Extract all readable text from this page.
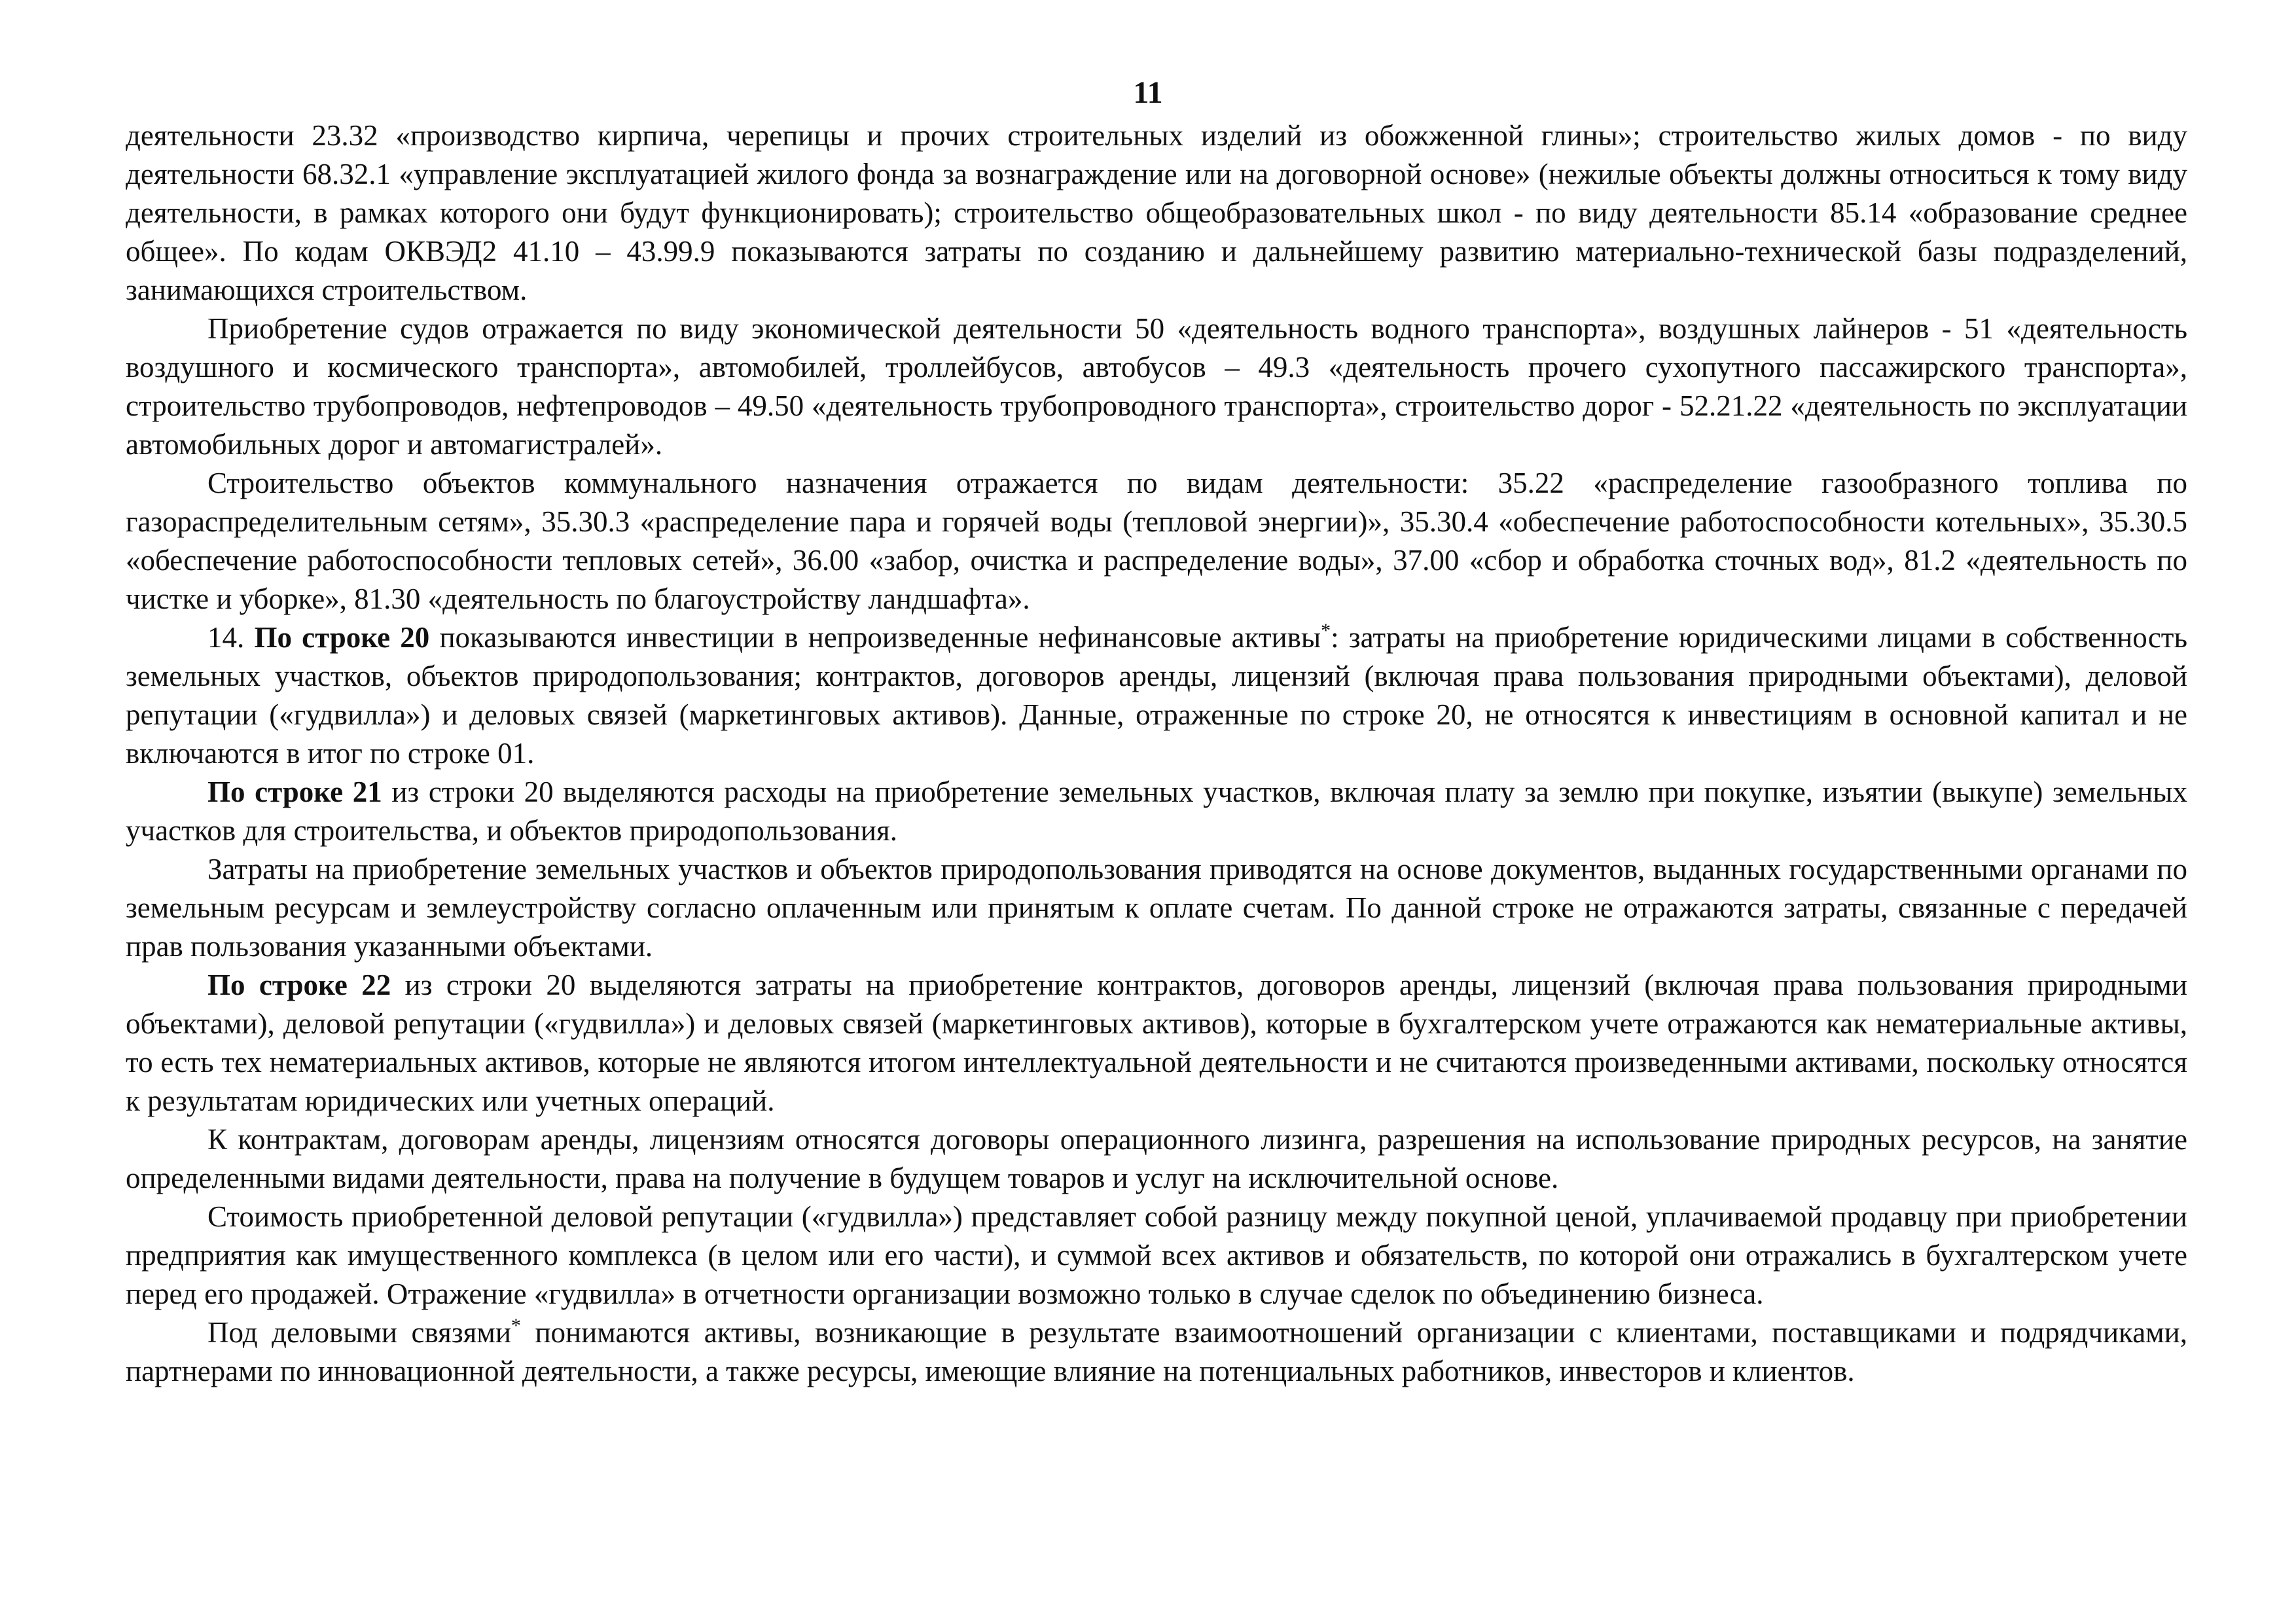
11

деятельности 23.32 «производство кирпича, черепицы и прочих строительных изделий из обожженной глины»; строительство жилых домов - по виду деятельности 68.32.1 «управление эксплуатацией жилого фонда за вознаграждение или на договорной основе» (нежилые объекты должны относиться к тому виду деятельности, в рамках которого они будут функционировать); строительство общеобразовательных школ - по виду деятельности 85.14 «образование среднее общее». По кодам ОКВЭД2 41.10 – 43.99.9 показываются затраты по созданию и дальнейшему развитию материально-технической базы подразделений, занимающихся строительством.

Приобретение судов отражается по виду экономической деятельности 50 «деятельность водного транспорта», воздушных лайнеров - 51 «деятельность воздушного и космического транспорта», автомобилей, троллейбусов, автобусов – 49.3 «деятельность прочего сухопутного пассажирского транспорта», строительство трубопроводов, нефтепроводов – 49.50 «деятельность трубопроводного транспорта», строительство дорог - 52.21.22 «деятельность по эксплуатации автомобильных дорог и автомагистралей».

Строительство объектов коммунального назначения отражается по видам деятельности: 35.22 «распределение газообразного топлива по газораспределительным сетям», 35.30.3 «распределение пара и горячей воды (тепловой энергии)», 35.30.4 «обеспечение работоспособности котельных», 35.30.5 «обеспечение работоспособности тепловых сетей», 36.00 «забор, очистка и распределение воды», 37.00 «сбор и обработка сточных вод», 81.2 «деятельность по чистке и уборке», 81.30 «деятельность по благоустройству ландшафта».

14. По строке 20 показываются инвестиции в непроизведенные нефинансовые активы*: затраты на приобретение юридическими лицами в собственность земельных участков, объектов природопользования; контрактов, договоров аренды, лицензий (включая права пользования природными объектами), деловой репутации («гудвилла») и деловых связей (маркетинговых активов). Данные, отраженные по строке 20, не относятся к инвестициям в основной капитал и не включаются в итог по строке 01.

По строке 21 из строки 20 выделяются расходы на приобретение земельных участков, включая плату за землю при покупке, изъятии (выкупе) земельных участков для строительства, и объектов природопользования.

Затраты на приобретение земельных участков и объектов природопользования приводятся на основе документов, выданных государственными органами по земельным ресурсам и землеустройству согласно оплаченным или принятым к оплате счетам. По данной строке не отражаются затраты, связанные с передачей прав пользования указанными объектами.

По строке 22 из строки 20 выделяются затраты на приобретение контрактов, договоров аренды, лицензий (включая права пользования природными объектами), деловой репутации («гудвилла») и деловых связей (маркетинговых активов), которые в бухгалтерском учете отражаются как нематериальные активы, то есть тех нематериальных активов, которые не являются итогом интеллектуальной деятельности и не считаются произведенными активами, поскольку относятся к результатам юридических или учетных операций.

К контрактам, договорам аренды, лицензиям относятся договоры операционного лизинга, разрешения на использование природных ресурсов, на занятие определенными видами деятельности, права на получение в будущем товаров и услуг на исключительной основе.

Стоимость приобретенной деловой репутации («гудвилла») представляет собой разницу между покупной ценой, уплачиваемой продавцу при приобретении предприятия как имущественного комплекса (в целом или его части), и суммой всех активов и обязательств, по которой они отражались в бухгалтерском учете перед его продажей. Отражение «гудвилла» в отчетности организации возможно только в случае сделок по объединению бизнеса.

Под деловыми связями* понимаются активы, возникающие в результате взаимоотношений организации с клиентами, поставщиками и подрядчиками, партнерами по инновационной деятельности, а также ресурсы, имеющие влияние на потенциальных работников, инвесторов и клиентов.
